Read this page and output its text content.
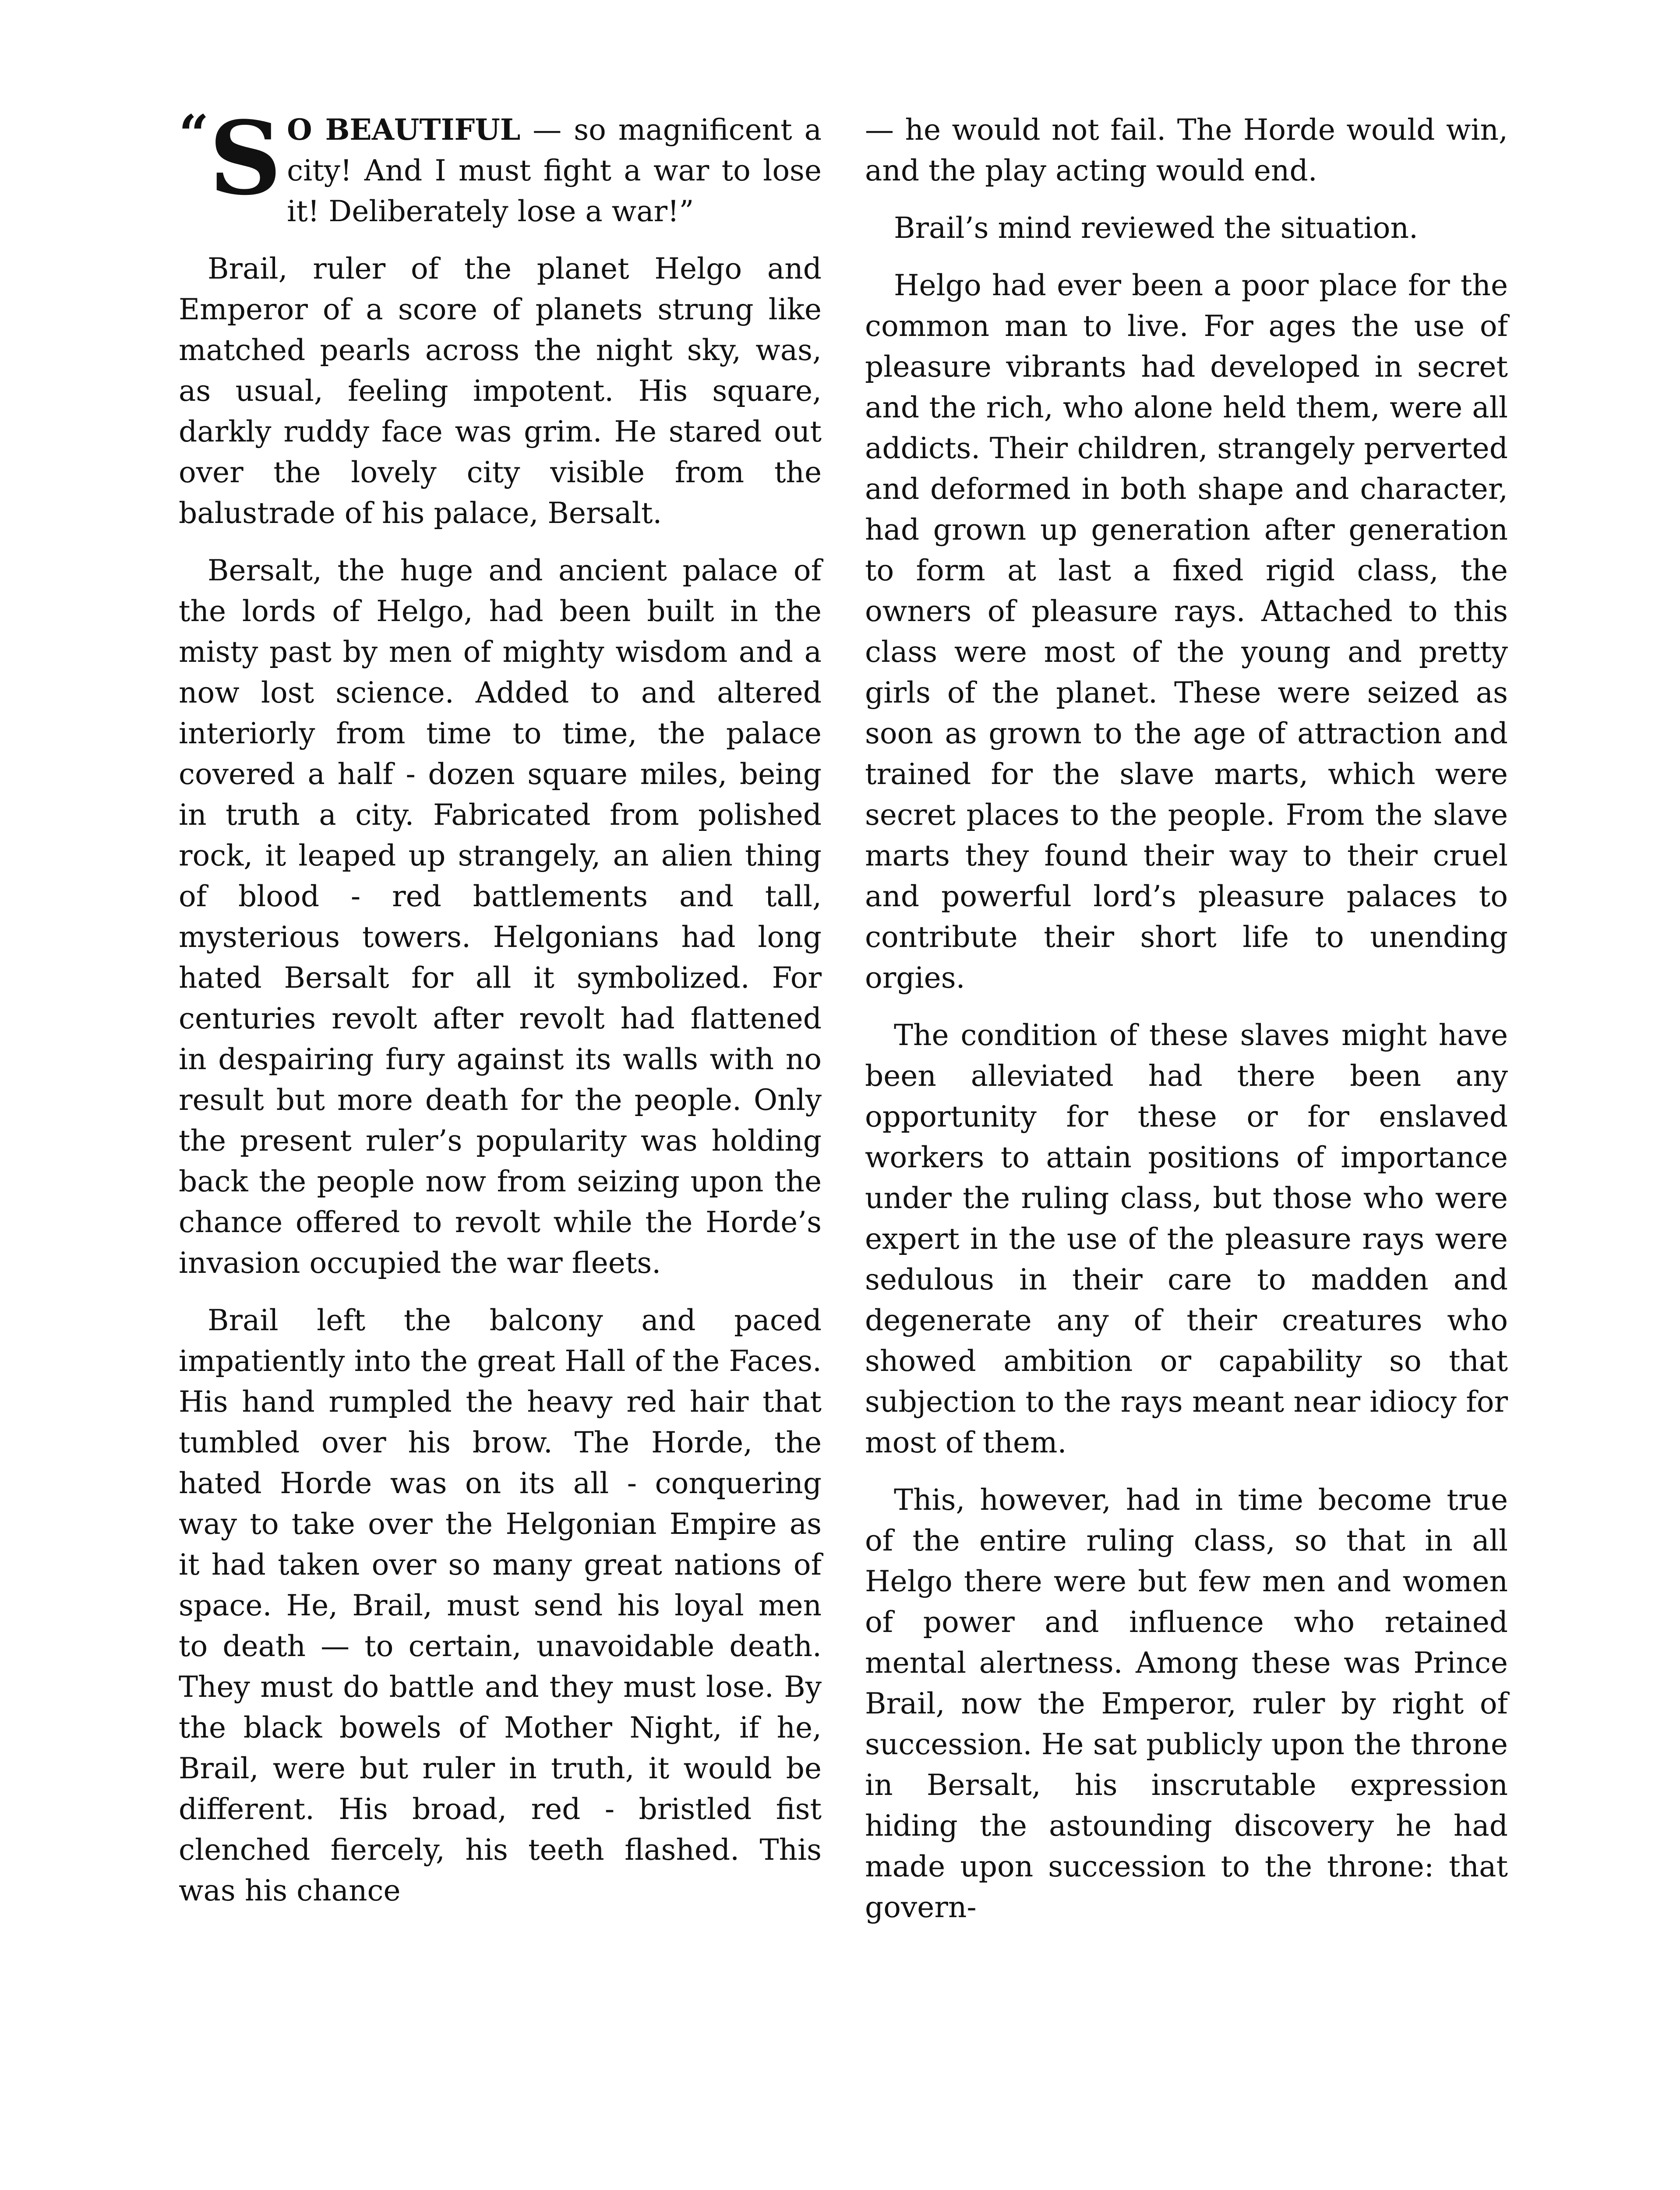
“ S O BEAUTIFUL — so magnificent a city! And I must fight a war to lose it! Deliberately lose a war!”

Brail, ruler of the planet Helgo and Emperor of a score of planets strung like matched pearls across the night sky, was, as usual, feeling impotent. His square, darkly ruddy face was grim. He stared out over the lovely city visible from the balustrade of his palace, Bersalt.

Bersalt, the huge and ancient palace of the lords of Helgo, had been built in the misty past by men of mighty wisdom and a now lost science. Added to and altered interiorly from time to time, the palace covered a half - dozen square miles, being in truth a city. Fabricated from polished rock, it leaped up strangely, an alien thing of blood - red battlements and tall, mysterious towers. Helgonians had long hated Bersalt for all it symbolized. For centuries revolt after revolt had flattened in despairing fury against its walls with no result but more death for the people. Only the present ruler’s popularity was holding back the people now from seizing upon the chance offered to revolt while the Horde’s invasion occupied the war fleets.

Brail left the balcony and paced impatiently into the great Hall of the Faces. His hand rumpled the heavy red hair that tumbled over his brow. The Horde, the hated Horde was on its all - conquering way to take over the Helgonian Empire as it had taken over so many great nations of space. He, Brail, must send his loyal men to death — to certain, unavoidable death. They must do battle and they must lose. By the black bowels of Mother Night, if he, Brail, were but ruler in truth, it would be different. His broad, red - bristled fist clenched fiercely, his teeth flashed. This was his chance

— he would not fail. The Horde would win, and the play acting would end.

Brail’s mind reviewed the situation.

Helgo had ever been a poor place for the common man to live. For ages the use of pleasure vibrants had developed in secret and the rich, who alone held them, were all addicts. Their children, strangely perverted and deformed in both shape and character, had grown up generation after generation to form at last a fixed rigid class, the owners of pleasure rays. Attached to this class were most of the young and pretty girls of the planet. These were seized as soon as grown to the age of attraction and trained for the slave marts, which were secret places to the people. From the slave marts they found their way to their cruel and powerful lord’s pleasure palaces to contribute their short life to unending orgies.

The condition of these slaves might have been alleviated had there been any opportunity for these or for enslaved workers to attain positions of importance under the ruling class, but those who were expert in the use of the pleasure rays were sedulous in their care to madden and degenerate any of their creatures who showed ambition or capability so that subjection to the rays meant near idiocy for most of them.

This, however, had in time become true of the entire ruling class, so that in all Helgo there were but few men and women of power and influence who retained mental alertness. Among these was Prince Brail, now the Emperor, ruler by right of succession. He sat publicly upon the throne in Bersalt, his inscrutable expression hiding the astounding discovery he had made upon succession to the throne: that govern-
